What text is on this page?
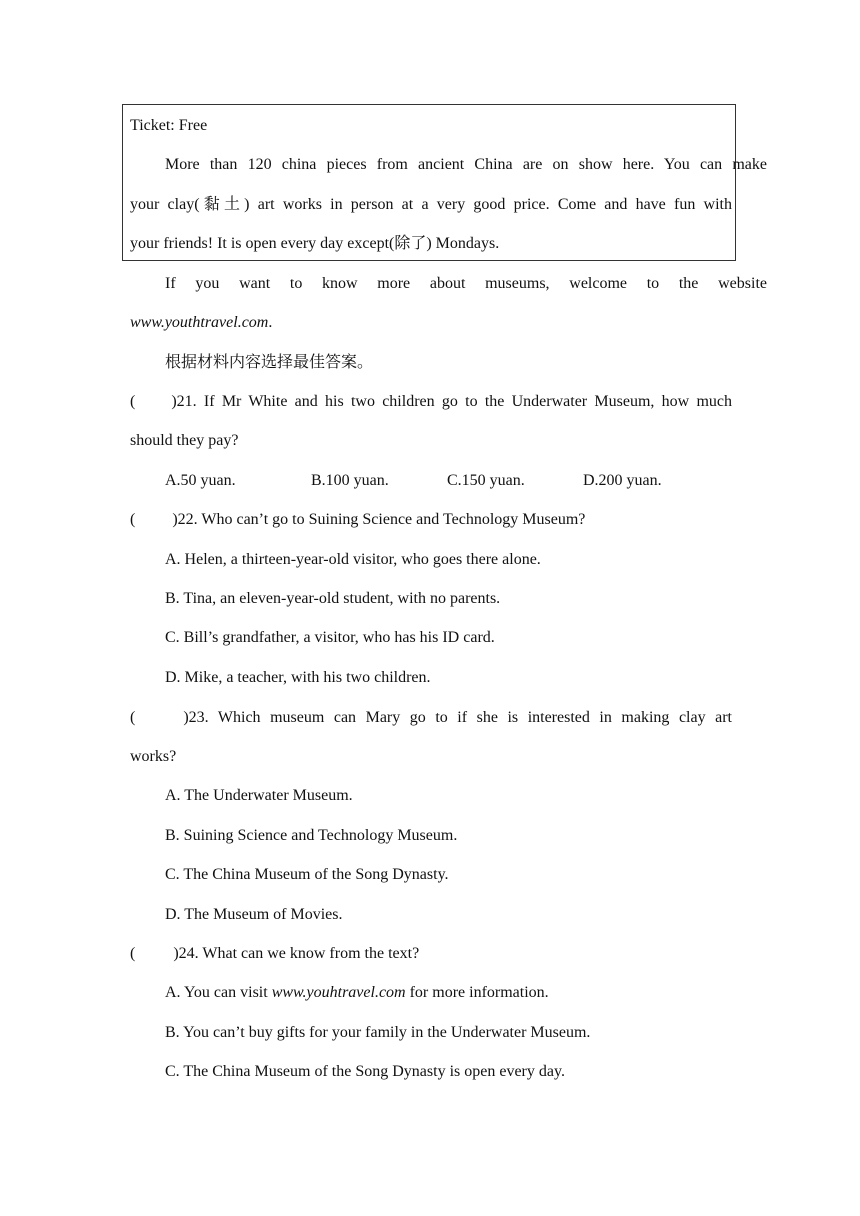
Ticket: Free
More than 120 china pieces from ancient China are on show here. You can make
your clay(黏土) art works in person at a very good price. Come and have fun with
your friends! It is open every day except(除了) Mondays.
If you want to know more about museums, welcome to the website
www.youthtravel.com.
根据材料内容选择最佳答案。
( )21. If Mr White and his two children go to the Underwater Museum, how much
should they pay?
A.50 yuan.	B.100 yuan.	C.150 yuan.	D.200 yuan.
( )22. Who can’t go to Suining Science and Technology Museum?
A. Helen, a thirteen-year-old visitor, who goes there alone.
B. Tina, an eleven-year-old student, with no parents.
C. Bill’s grandfather, a visitor, who has his ID card.
D. Mike, a teacher, with his two children.
(	)23. Which museum can Mary go to if she is interested in making clay art
works?
A. The Underwater Museum.
B. Suining Science and Technology Museum.
C. The China Museum of the Song Dynasty.
D. The Museum of Movies.
( )24. What can we know from the text?
A. You can visit www.youhtravel.com for more information.
B. You can’t buy gifts for your family in the Underwater Museum.
C. The China Museum of the Song Dynasty is open every day.
